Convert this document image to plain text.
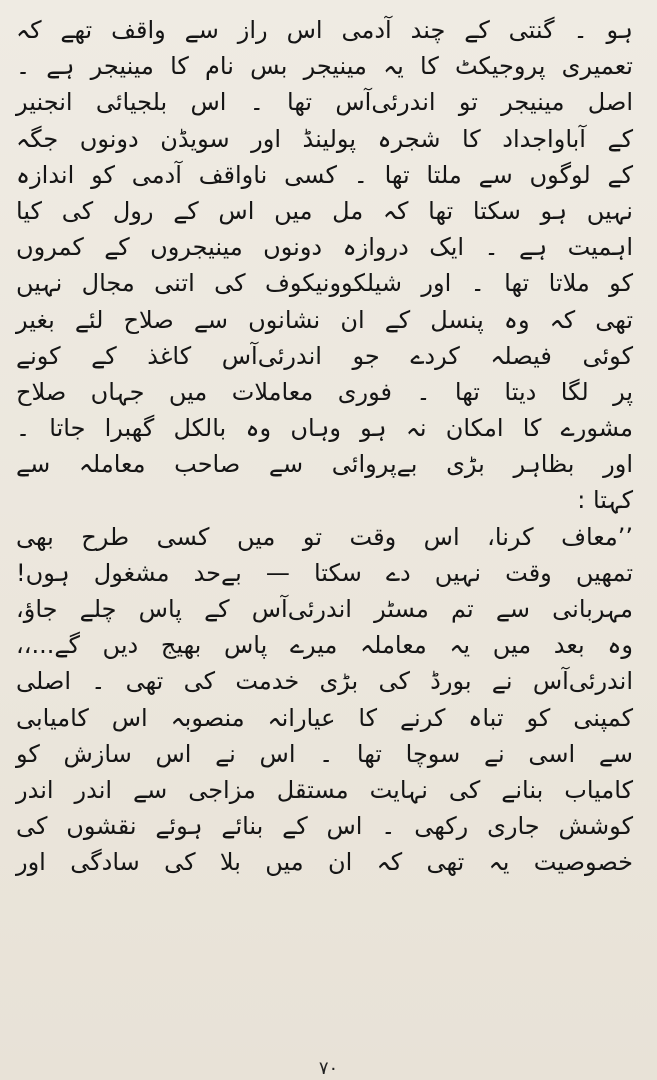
ہو ۔ گنتی کے چند آدمی اس راز سے واقف تھے کہ
تعمیری پروجیکٹ کا یہ مینیجر بس نام کا مینیجر ہے ۔
اصل مینیجر تو اندرئی‌آس تھا ۔ اس بلجیائی انجنیر
کے آباواجداد کا شجرہ پولینڈ اور سویڈن دونوں جگہ
کے لوگوں سے ملتا تھا ۔ کسی ناواقف آدمی کو اندازہ
نہیں ہو سکتا تھا کہ مل میں اس کے رول کی کیا
اہمیت ہے ۔ ایک دروازہ دونوں مینیجروں کے کمروں
کو ملاتا تھا ۔ اور شیلکوونیکوف کی اتنی مجال نہیں
تھی کہ وہ پنسل کے ان نشانوں سے صلاح لئے بغیر
کوئی فیصلہ کردے جو اندرئی‌آس کاغذ کے کونے
پر لگا دیتا تھا ۔ فوری معاملات میں جہاں صلاح
مشورے کا امکان نہ ہو وہاں وہ بالکل گھبرا جاتا ۔
اور بظاہر بڑی بےپروائی سے صاحب معاملہ سے
کہتا :
’’معاف کرنا، اس وقت تو میں کسی طرح بھی
تمھیں وقت نہیں دے سکتا — بےحد مشغول ہوں!
مہربانی سے تم مسٹر اندرئی‌آس کے پاس چلے جاؤ،
وہ بعد میں یہ معاملہ میرے پاس بھیج دیں گے...،،
اندرئی‌آس نے بورڈ کی بڑی خدمت کی تھی ۔ اصلی
کمپنی کو تباہ کرنے کا عیارانہ منصوبہ اس کامیابی
سے اسی نے سوچا تھا ۔ اس نے اس سازش کو
کامیاب بنانے کی نہایت مستقل مزاجی سے اندر اندر
کوشش جاری رکھی ۔ اس کے بنائے ہوئے نقشوں کی
خصوصیت یہ تھی کہ ان میں بلا کی سادگی اور
۷۰
